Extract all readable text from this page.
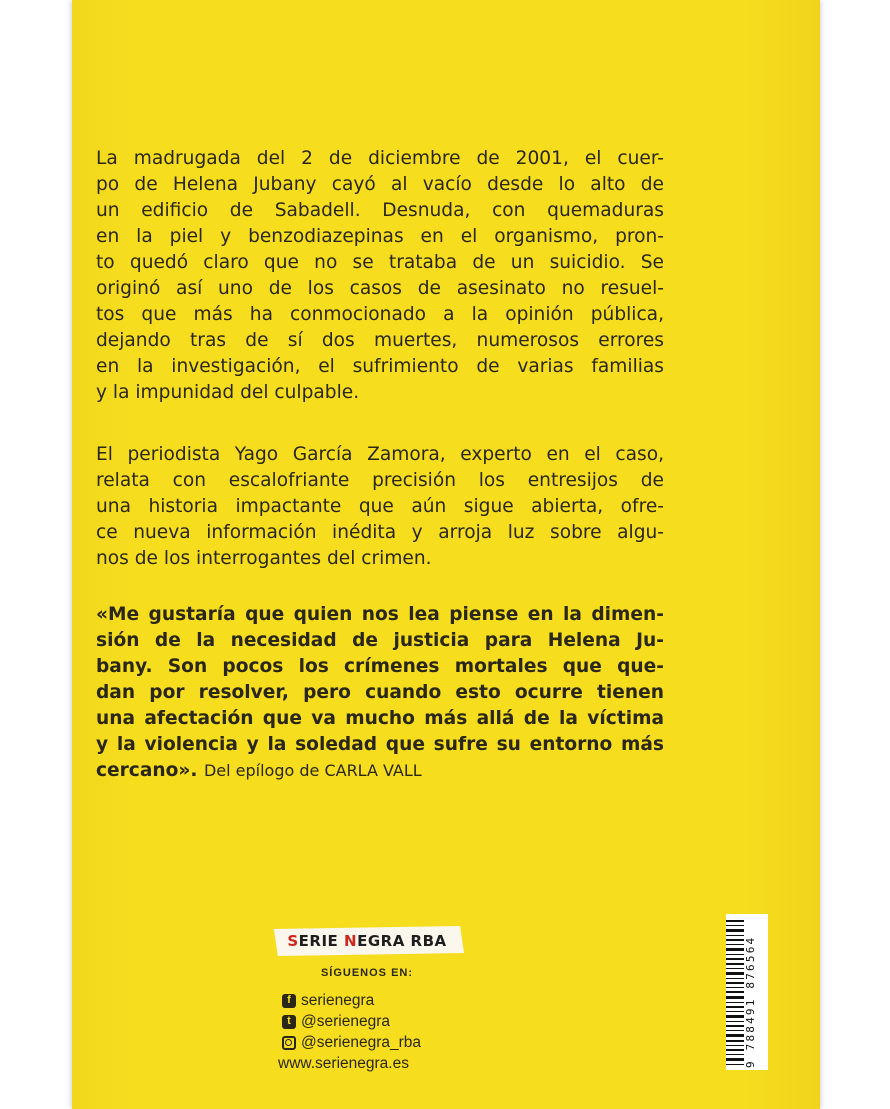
La madrugada del 2 de diciembre de 2001, el cuer-
po de Helena Jubany cayó al vacío desde lo alto de
un edificio de Sabadell. Desnuda, con quemaduras
en la piel y benzodiazepinas en el organismo, pron-
to quedó claro que no se trataba de un suicidio. Se
originó así uno de los casos de asesinato no resuel-
tos que más ha conmocionado a la opinión pública,
dejando tras de sí dos muertes, numerosos errores
en la investigación, el sufrimiento de varias familias
y la impunidad del culpable.
El periodista Yago García Zamora, experto en el caso,
relata con escalofriante precisión los entresijos de
una historia impactante que aún sigue abierta, ofre-
ce nueva información inédita y arroja luz sobre algu-
nos de los interrogantes del crimen.
«Me gustaría que quien nos lea piense en la dimen-
sión de la necesidad de justicia para Helena Ju-
bany. Son pocos los crímenes mortales que que-
dan por resolver, pero cuando esto ocurre tienen
una afectación que va mucho más allá de la víctima
y la violencia y la soledad que sufre su entorno más
cercano». Del epílogo de CARLA VALL
S ERIE
N EGRA
RBA
SÍGUENOS EN:
f serienegra
t @serienegra
@serienegra_rba
www.serienegra.es	9 788491 876564
